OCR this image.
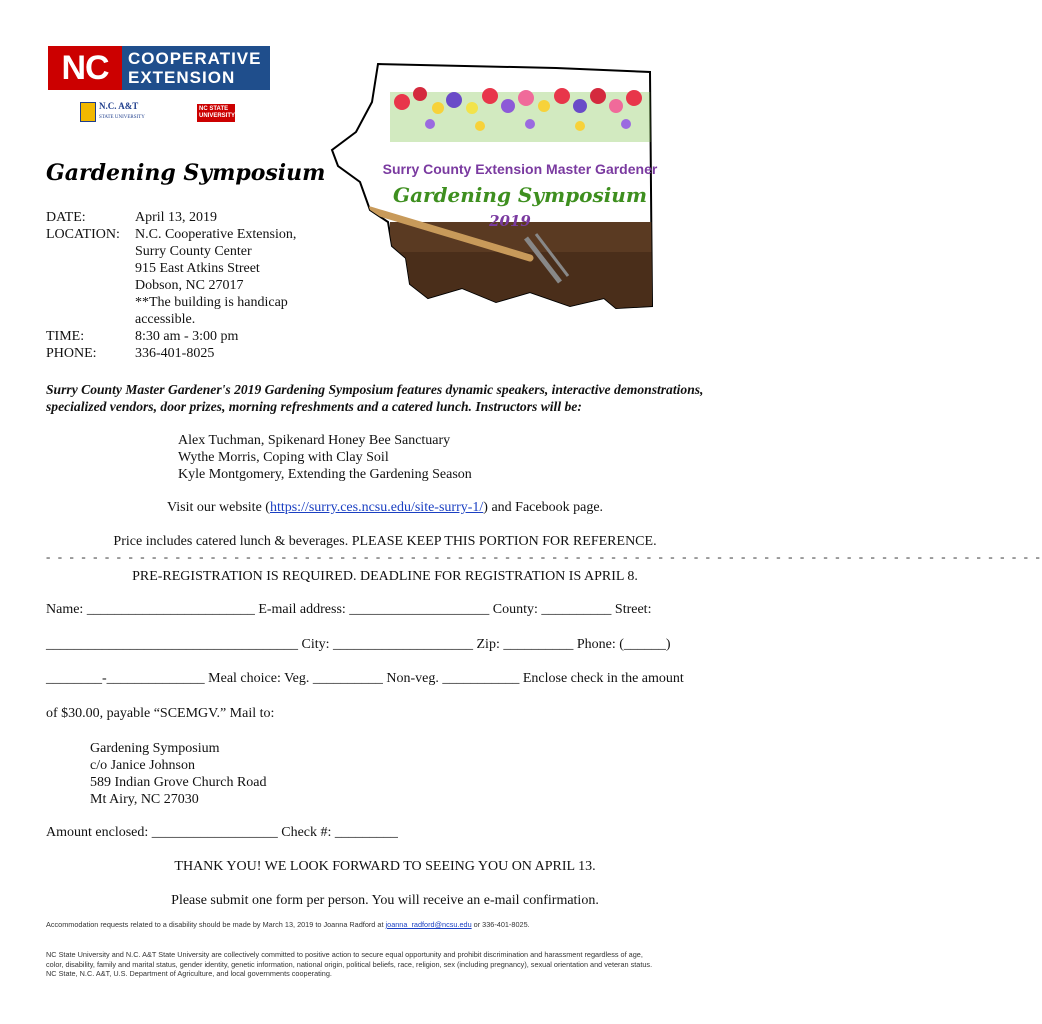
NC	COOPERATIVE
EXTENSION
N.C. A&T
STATE UNIVERSITY
NC STATE
UNIVERSITY
Surry County Extension Master Gardener
Gardening Symposium
2019
Gardening Symposium
DATE:	April 13, 2019
LOCATION:	N.C. Cooperative Extension,
Surry County Center
915 East Atkins Street
Dobson, NC 27017
**The building is handicap
accessible.
TIME:	8:30 am - 3:00 pm
PHONE:	336-401-8025
Surry County Master Gardener's 2019 Gardening Symposium features dynamic speakers, interactive demonstrations, specialized vendors, door prizes, morning refreshments and a catered lunch. Instructors will be:
Alex Tuchman, Spikenard Honey Bee Sanctuary
Wythe Morris, Coping with Clay Soil
Kyle Montgomery, Extending the Gardening Season
Visit our website (https://surry.ces.ncsu.edu/site-surry-1/) and Facebook page.
Price includes catered lunch & beverages. PLEASE KEEP THIS PORTION FOR REFERENCE.
- - - - - - - - - - - - - - - - - - - - - - - - - - - - - - - - - - - - - - - - - - - - - - - - - - - - - - - - - - - - - - - - - - - - - - - - - - - - - - - - - - - - -
PRE-REGISTRATION IS REQUIRED. DEADLINE FOR REGISTRATION IS APRIL 8.
Name: ________________________ E-mail address: ____________________ County: __________ Street:
____________________________________ City: ____________________ Zip: __________ Phone: (______)
________-______________ Meal choice: Veg. __________ Non-veg. ___________ Enclose check in the amount
of $30.00, payable “SCEMGV.” Mail to:
Gardening Symposium
c/o Janice Johnson
589 Indian Grove Church Road
Mt Airy, NC 27030
Amount enclosed: __________________ Check #: _________
THANK YOU! WE LOOK FORWARD TO SEEING YOU ON APRIL 13.
Please submit one form per person. You will receive an e-mail confirmation.
Accommodation requests related to a disability should be made by March 13, 2019 to Joanna Radford at joanna_radford@ncsu.edu or 336-401-8025.
NC State University and N.C. A&T State University are collectively committed to positive action to secure equal opportunity and prohibit discrimination and harassment regardless of age,
color, disability, family and marital status, gender identity, genetic information, national origin, political beliefs, race, religion, sex (including pregnancy), sexual orientation and veteran status.
NC State, N.C. A&T, U.S. Department of Agriculture, and local governments cooperating.
